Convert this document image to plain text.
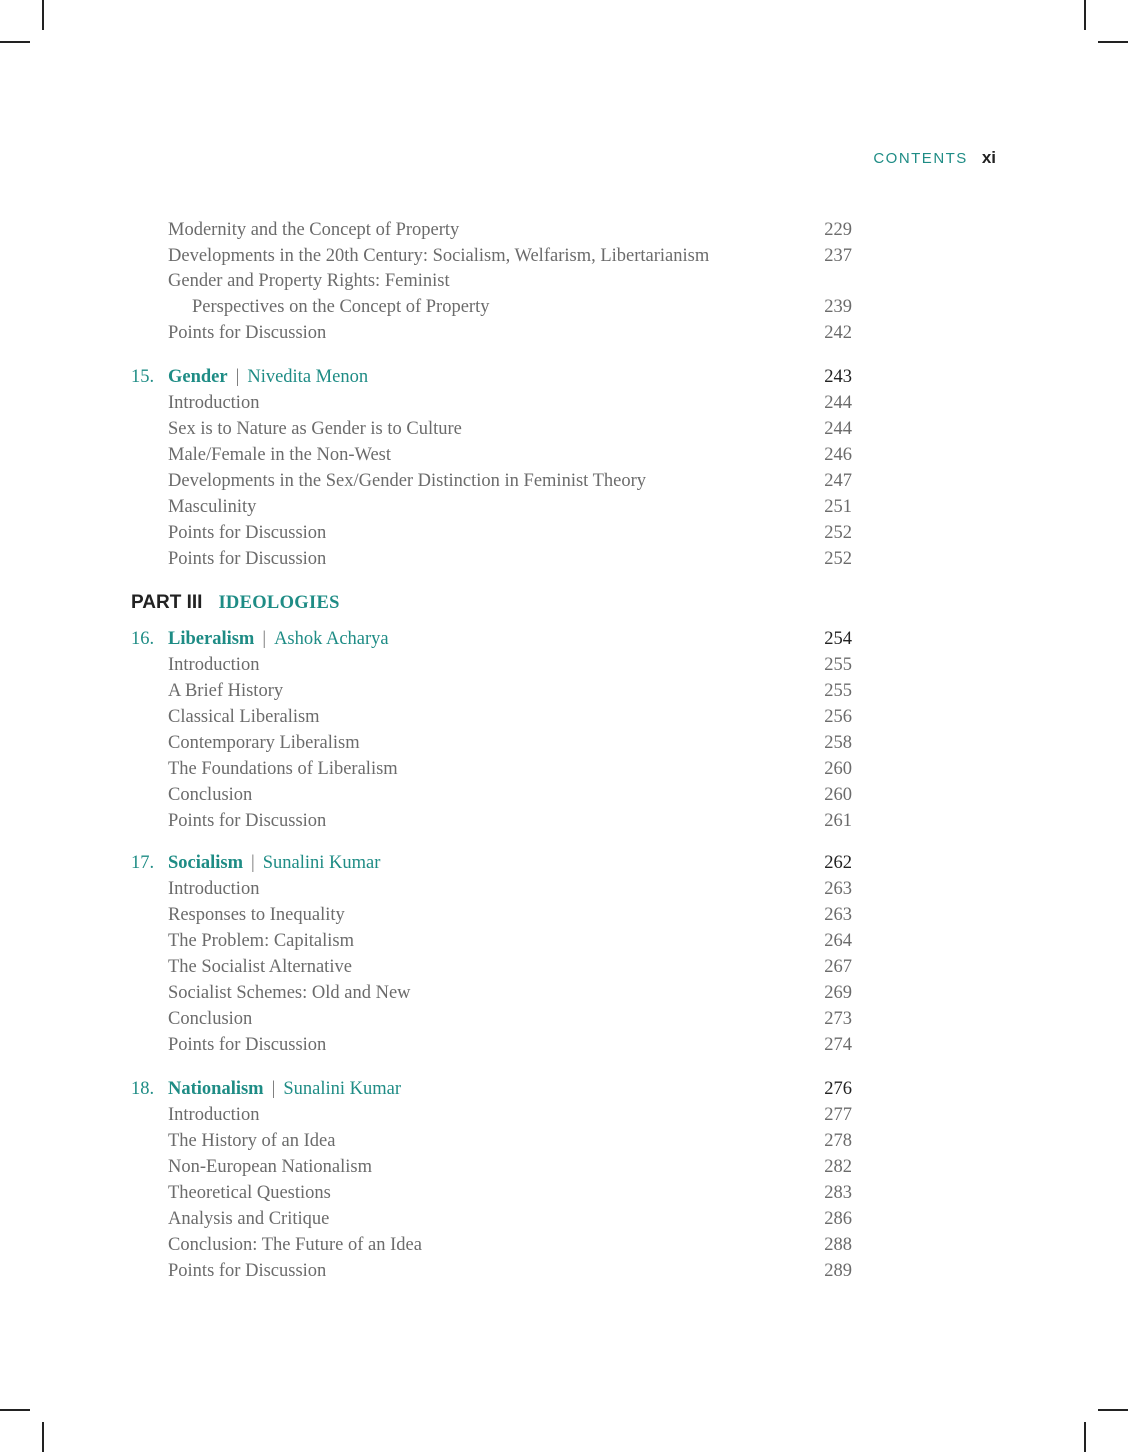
CONTENTS xi
Modernity and the Concept of Property	229
Developments in the 20th Century: Socialism, Welfarism, Libertarianism	237
Gender and Property Rights: Feminist
Perspectives on the Concept of Property	239
Points for Discussion	242
15. Gender | Nivedita Menon	243
Introduction	244
Sex is to Nature as Gender is to Culture	244
Male/Female in the Non-West	246
Developments in the Sex/Gender Distinction in Feminist Theory	247
Masculinity	251
Points for Discussion	252
Points for Discussion	252
PART III IDEOLOGIES
16. Liberalism | Ashok Acharya	254
Introduction	255
A Brief History	255
Classical Liberalism	256
Contemporary Liberalism	258
The Foundations of Liberalism	260
Conclusion	260
Points for Discussion	261
17. Socialism | Sunalini Kumar	262
Introduction	263
Responses to Inequality	263
The Problem: Capitalism	264
The Socialist Alternative	267
Socialist Schemes: Old and New	269
Conclusion	273
Points for Discussion	274
18. Nationalism | Sunalini Kumar	276
Introduction	277
The History of an Idea	278
Non-European Nationalism	282
Theoretical Questions	283
Analysis and Critique	286
Conclusion: The Future of an Idea	288
Points for Discussion	289
